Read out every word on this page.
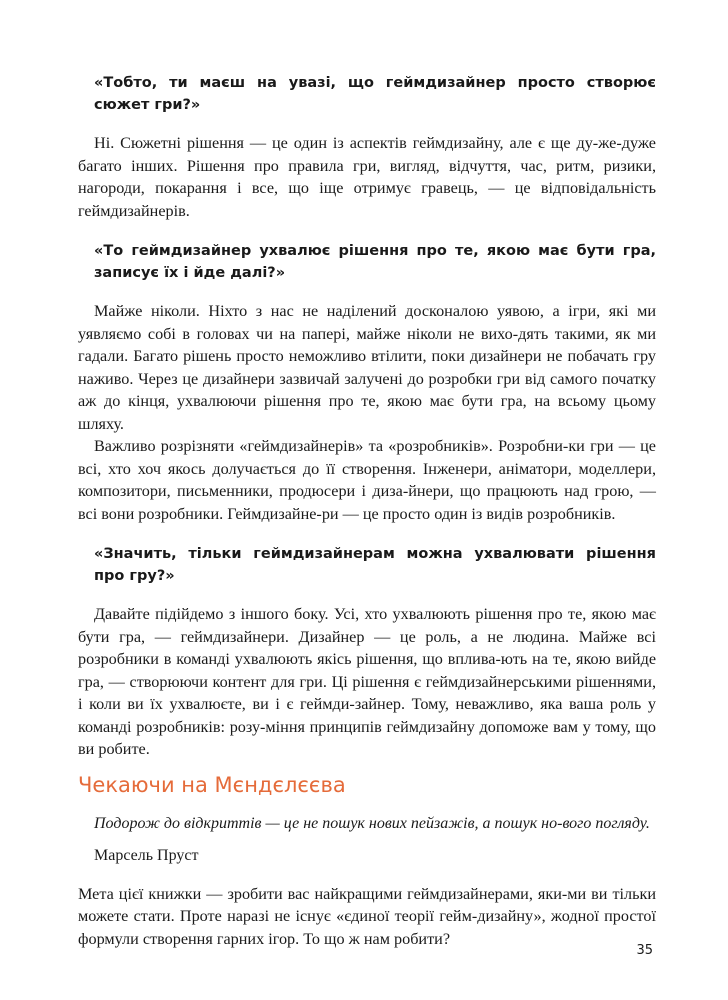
«Тобто, ти маєш на увазі, що геймдизайнер просто створює сюжет гри?»

Ні. Сюжетні рішення — це один із аспектів геймдизайну, але є ще ду-же-дуже багато інших. Рішення про правила гри, вигляд, відчуття, час, ритм, ризики, нагороди, покарання і все, що іще отримує гравець, — це відповідальність геймдизайнерів.

«То геймдизайнер ухвалює рішення про те, якою має бути гра, записує їх і йде далі?»

Майже ніколи. Ніхто з нас не наділений досконалою уявою, а ігри, які ми уявляємо собі в головах чи на папері, майже ніколи не вихо-дять такими, як ми гадали. Багато рішень просто неможливо втілити, поки дизайнери не побачать гру наживо. Через це дизайнери зазвичай залучені до розробки гри від самого початку аж до кінця, ухвалюючи рішення про те, якою має бути гра, на всьому цьому шляху.

Важливо розрізняти «геймдизайнерів» та «розробників». Розробни-ки гри — це всі, хто хоч якось долучається до її створення. Інженери, аніматори, моделлери, композитори, письменники, продюсери і диза-йнери, що працюють над грою, — всі вони розробники. Геймдизайне-ри — це просто один із видів розробників.

«Значить, тільки геймдизайнерам можна ухвалювати рішення про гру?»

Давайте підійдемо з іншого боку. Усі, хто ухвалюють рішення про те, якою має бути гра, — геймдизайнери. Дизайнер — це роль, а не людина. Майже всі розробники в команді ухвалюють якісь рішення, що вплива-ють на те, якою вийде гра, — створюючи контент для гри. Ці рішення є геймдизайнерськими рішеннями, і коли ви їх ухвалюєте, ви і є геймди-зайнер. Тому, неважливо, яка ваша роль у команді розробників: розу-міння принципів геймдизайну допоможе вам у тому, що ви робите.

Чекаючи на Мєндєлєєва

Подорож до відкриттів — це не пошук нових пейзажів, а пошук но-вого погляду.

Марсель Пруст

Мета цієї книжки — зробити вас найкращими геймдизайнерами, яки-ми ви тільки можете стати. Проте наразі не існує «єдиної теорії гейм-дизайну», жодної простої формули створення гарних ігор. То що ж нам робити?

35
